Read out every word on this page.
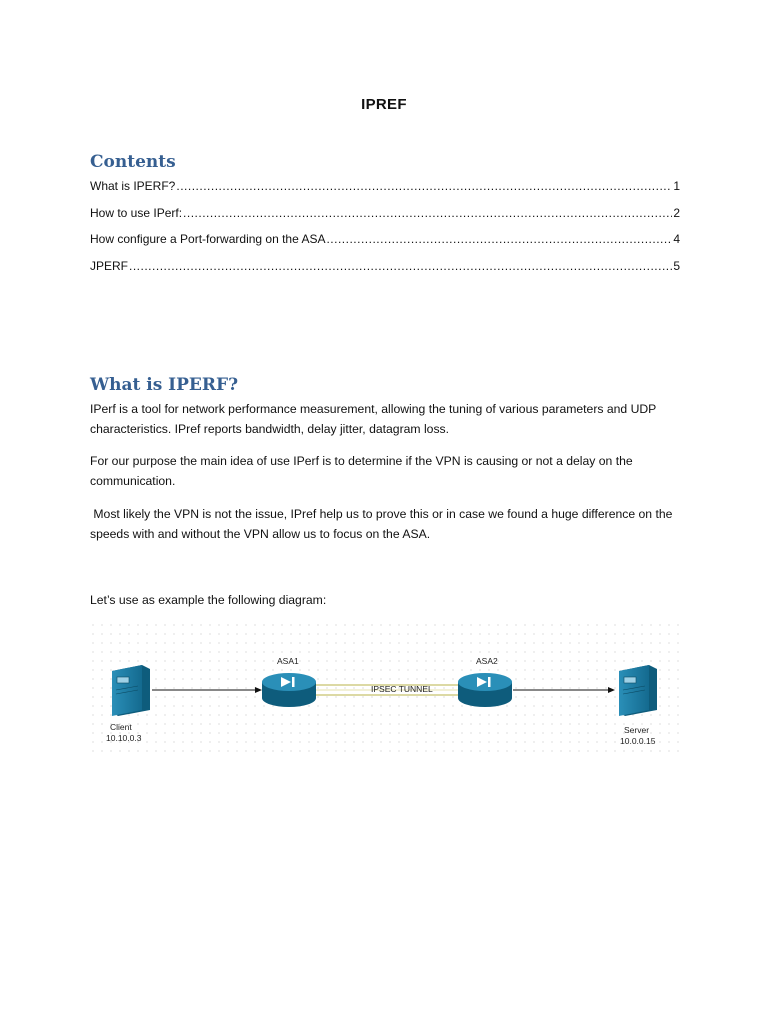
IPREF
Contents
What is IPERF? .....	1
How to use IPerf: .....	2
How configure a Port-forwarding on the ASA .....	4
JPERF .....	5
What is IPERF?

IPerf is a tool for network performance measurement, allowing the tuning of various parameters and UDP characteristics. IPref reports bandwidth, delay jitter, datagram loss.

For our purpose the main idea of use IPerf is to determine if the VPN is causing or not a delay on the communication.

Most likely the VPN is not the issue, IPref help us to prove this or in case we found a huge difference on the speeds with and without the VPN allow us to focus on the ASA.

Let’s use as example the following diagram:

Client
10.10.0.3
ASA1
IPSEC TUNNEL
ASA2
Server
10.0.0.15
